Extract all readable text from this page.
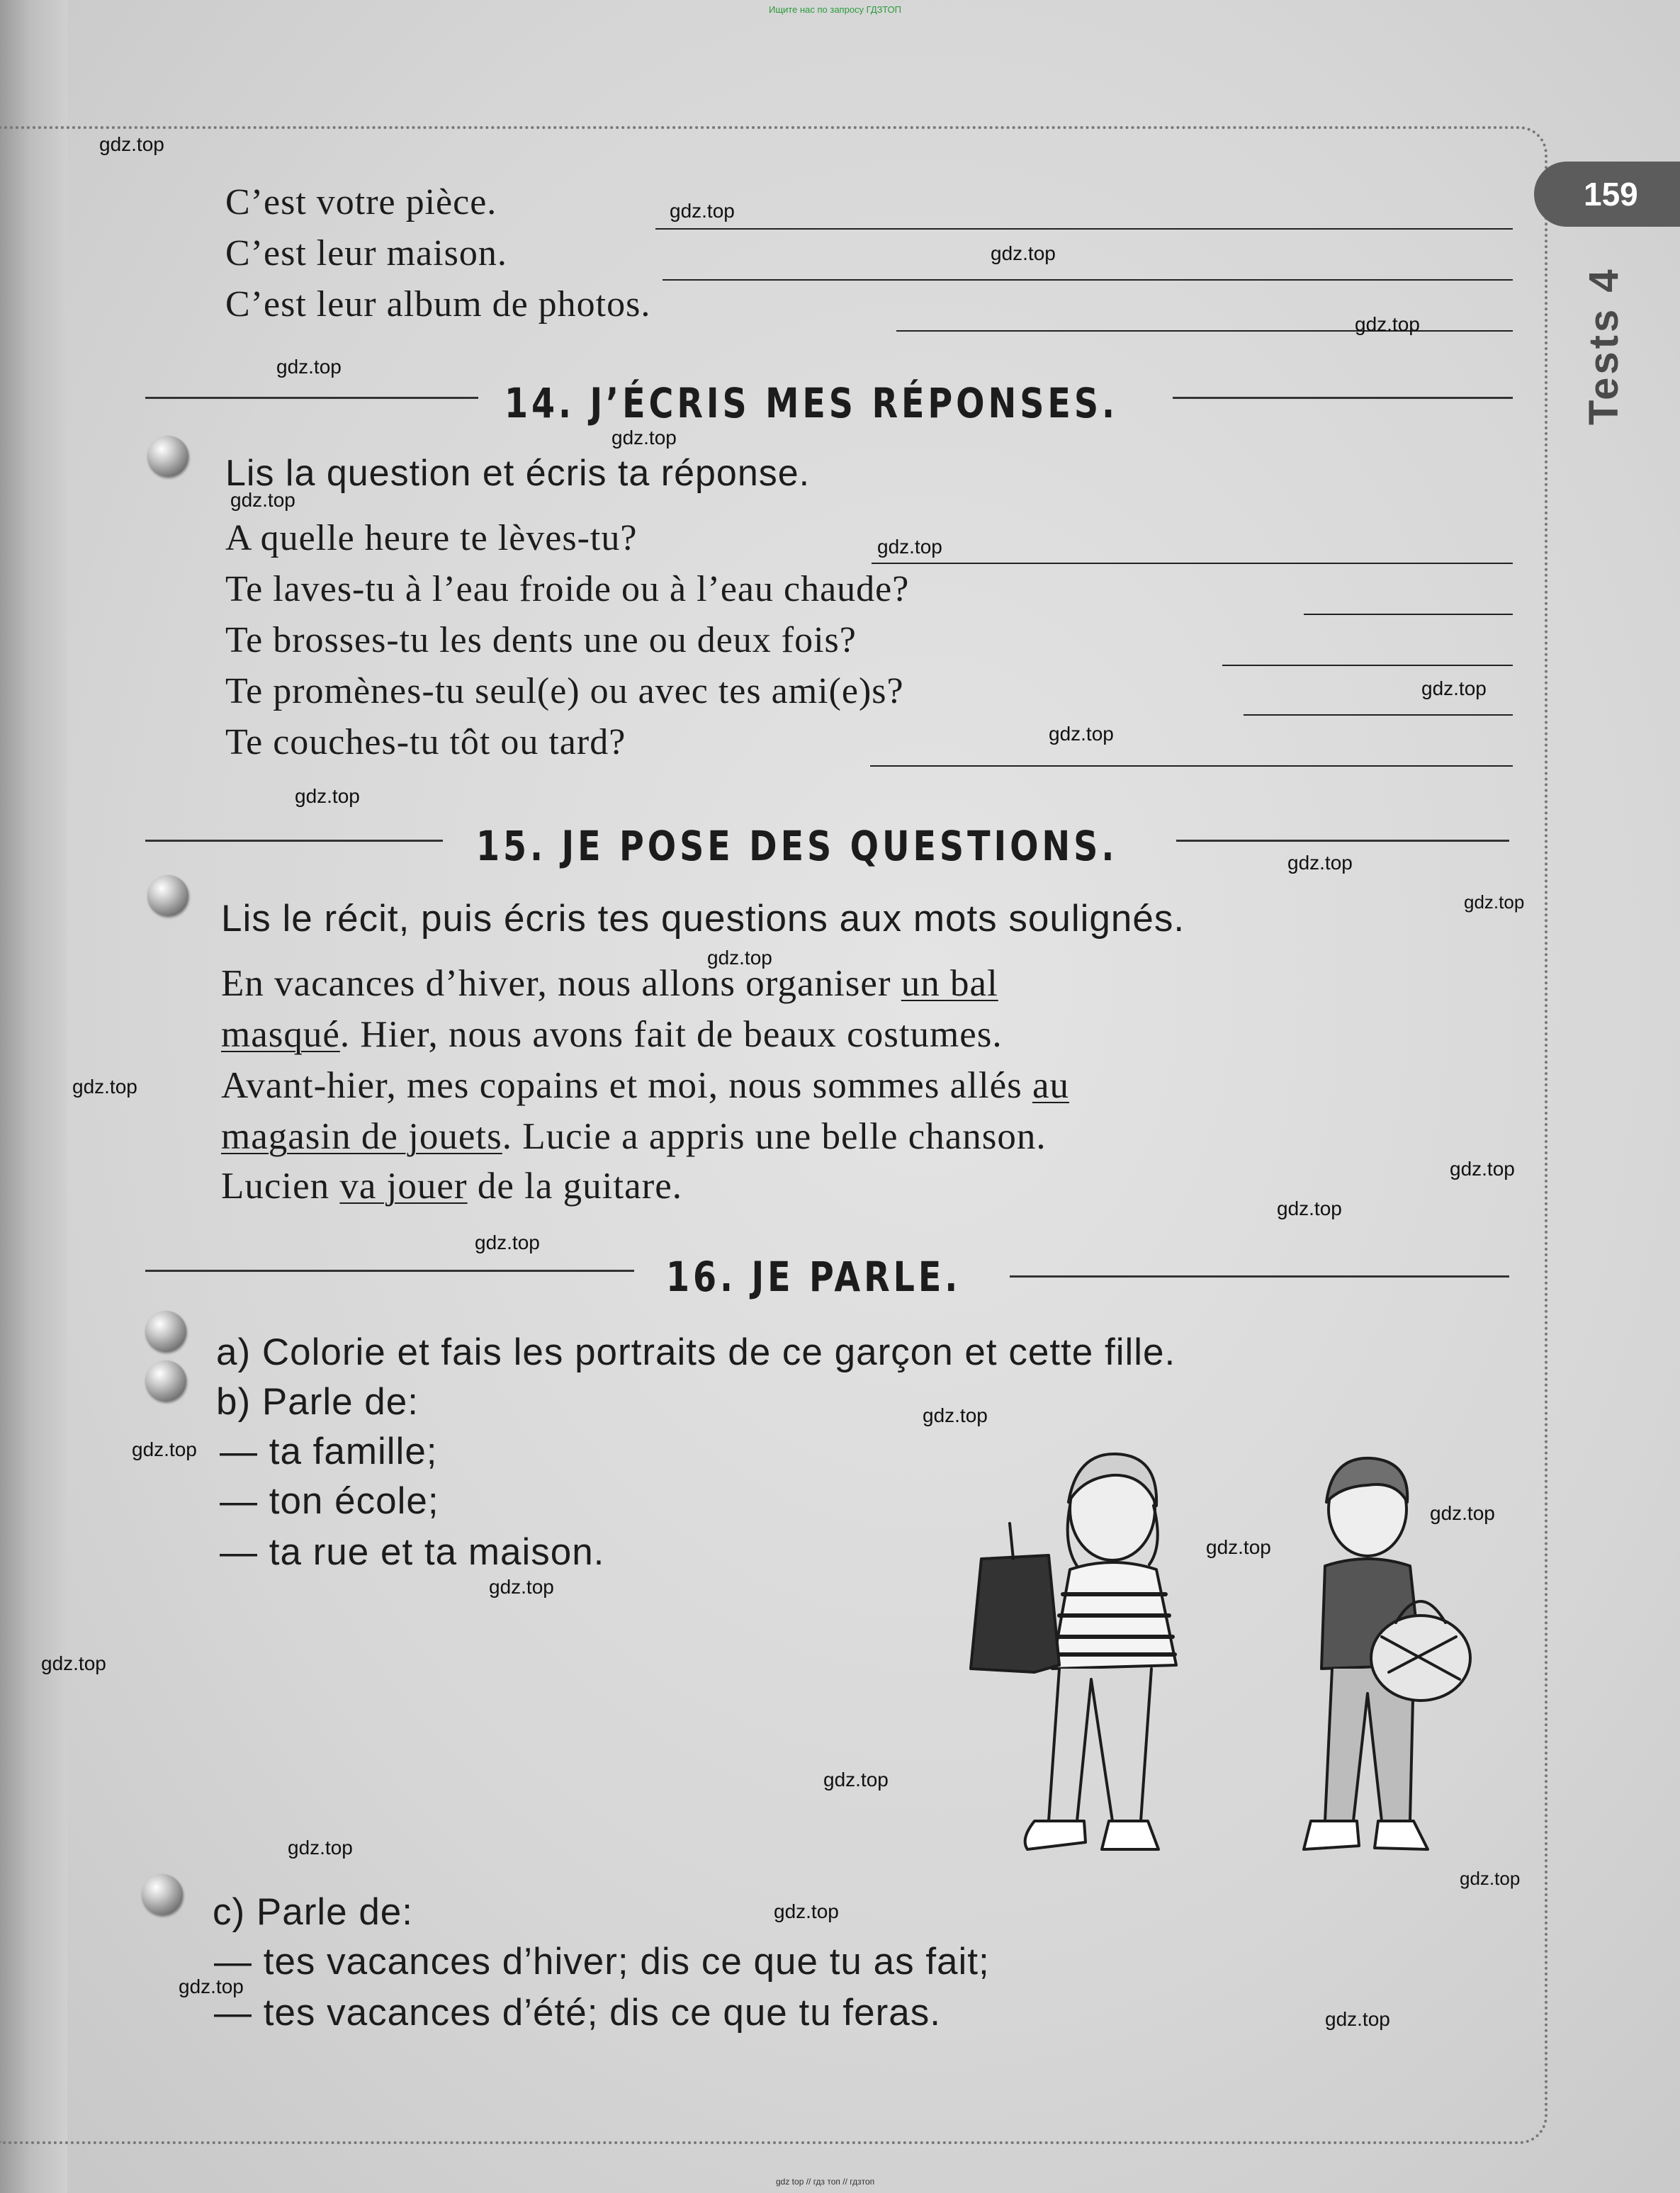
Ищите нас по запросу ГДЗТОП
159
Tests 4
C’est votre pièce.
C’est leur maison.
C’est leur album de photos.
14. J’ÉCRIS MES RÉPONSES.
Lis la question et écris ta réponse.
A quelle heure te lèves-tu?
Te laves-tu à l’eau froide ou à l’eau chaude?
Te brosses-tu les dents une ou deux fois?
Te promènes-tu seul(e) ou avec tes ami(e)s?
Te couches-tu tôt ou tard?
15. JE POSE DES QUESTIONS.
Lis le récit, puis écris tes questions aux mots soulignés.
En vacances d’hiver, nous allons organiser un bal
masqué. Hier, nous avons fait de beaux costumes.
Avant-hier, mes copains et moi, nous sommes allés au
magasin de jouets. Lucie a appris une belle chanson.
Lucien va jouer de la guitare.
16. JE PARLE.
a) Colorie et fais les portraits de ce garçon et cette fille.
b) Parle de:
— ta famille;
— ton école;
— ta rue et ta maison.
c) Parle de:
— tes vacances d’hiver; dis ce que tu as fait;
— tes vacances d’été; dis ce que tu feras.
gdz.top
gdz.top
gdz.top
gdz.top
gdz.top
gdz.top
gdz.top
gdz.top
gdz.top
gdz.top
gdz.top
gdz.top
gdz.top
gdz.top
gdz.top
gdz.top
gdz.top
gdz.top
gdz.top
gdz.top
gdz.top
gdz.top
gdz.top
gdz.top
gdz.top
gdz.top
gdz.top
gdz.top
gdz.top
gdz.top
gdz top // гдз топ // гдзтоп
